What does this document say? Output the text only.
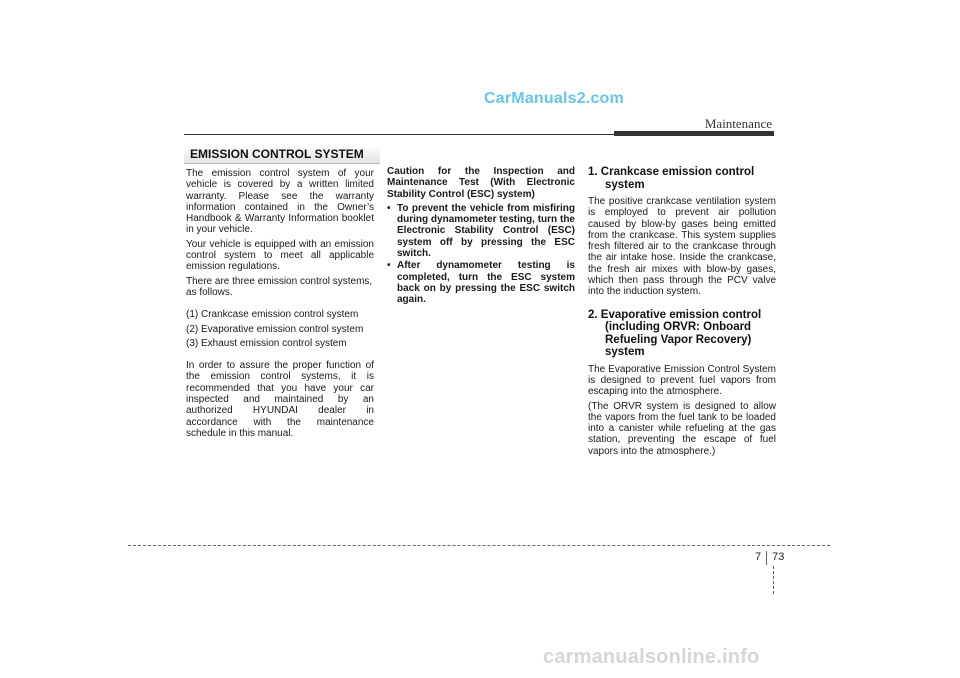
CarManuals2.com
Maintenance
EMISSION CONTROL SYSTEM

The emission control system of your vehicle is covered by a written limited warranty. Please see the warranty information contained in the Owner’s Handbook & Warranty Information booklet in your vehicle.

Your vehicle is equipped with an emission control system to meet all applicable emission regulations.

There are three emission control systems, as follows.

(1) Crankcase emission control system

(2) Evaporative emission control system

(3) Exhaust emission control system

In order to assure the proper function of the emission control systems, it is recommended that you have your car inspected and maintained by an authorized HYUNDAI dealer in accordance with the maintenance schedule in this manual.

Caution for the Inspection and Maintenance Test (With Electronic Stability Control (ESC) system)

• To prevent the vehicle from misfiring during dynamometer testing, turn the Electronic Stability Control (ESC) system off by pressing the ESC switch.
• After dynamometer testing is completed, turn the ESC system back on by pressing the ESC switch again.
1. Crankcase emission control
system

The positive crankcase ventilation system is employed to prevent air pollution caused by blow-by gases being emitted from the crankcase. This system supplies fresh filtered air to the crankcase through the air intake hose. Inside the crankcase, the fresh air mixes with blow-by gases, which then pass through the PCV valve into the induction system.

2. Evaporative emission control
(including ORVR: Onboard
Refueling Vapor Recovery)
system

The Evaporative Emission Control System is designed to prevent fuel vapors from escaping into the atmosphere.

(The ORVR system is designed to allow the vapors from the fuel tank to be loaded into a canister while refueling at the gas station, preventing the escape of fuel vapors into the atmosphere.)

7 73
carmanualsonline.info
